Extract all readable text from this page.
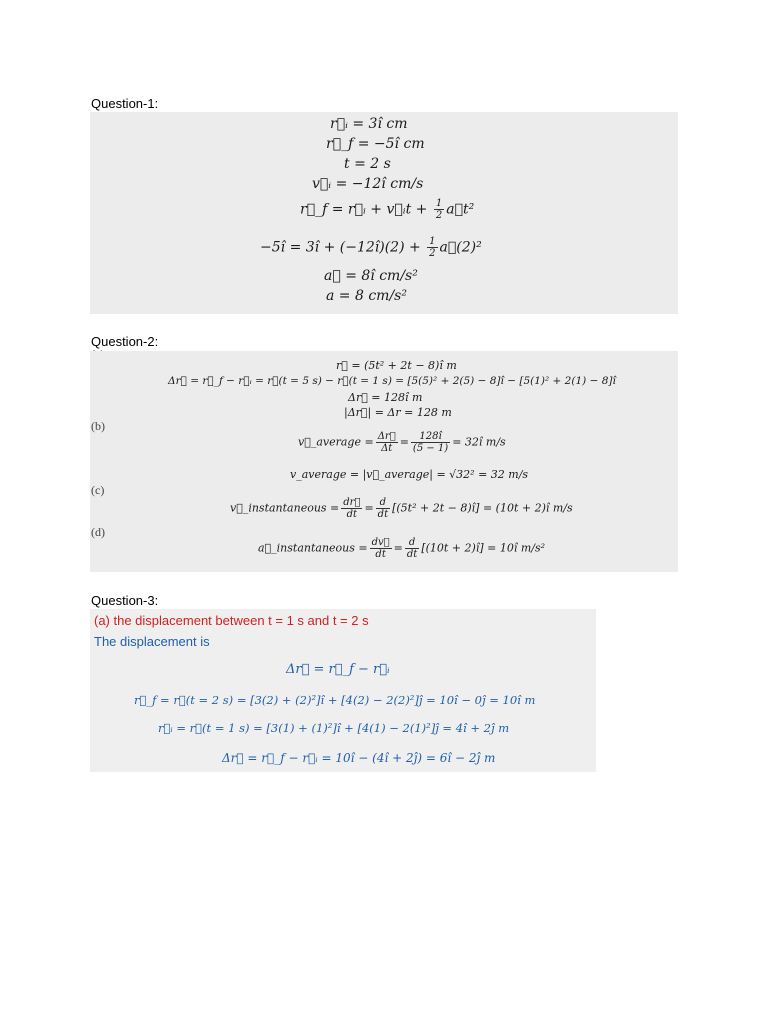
Question-1:
r⃗ᵢ = 3î cm
r⃗_f = −5î cm
t = 2 s
v⃗ᵢ = −12î cm/s
r⃗_f = r⃗ᵢ + v⃗ᵢt + $\frac{1}{2}$ a⃗t²
−5î = 3î + (−12î)(2) + $\frac{1}{2}$ a⃗(2)²
a⃗ = 8î cm/s²
a = 8 cm/s²
Question-2:
r⃗ = (5t² + 2t − 8)î m
Δr⃗ = r⃗_f − r⃗ᵢ = r⃗(t = 5 s) − r⃗(t = 1 s) = [5(5)² + 2(5) − 8]î − [5(1)² + 2(1) − 8]î
Δr⃗ = 128î m
|Δr⃗| = Δr = 128 m
(b)
v⃗_average = $\frac{\Delta r⃗}{\Delta t} = \frac{128î}{(5 - 1)}$ = 32î m/s
v_average = |v⃗_average| = √32² = 32 m/s
(c)
v⃗_instantaneous = $\frac{dr⃗}{dt} = \frac{d}{dt} [(5t^2 + 2t$ − 8)î] = (10t + 2)î m/s
(d)
a⃗_instantaneous = $\frac{dv⃗}{dt} = \frac{d}{dt} [(10t$ + 2)î] = 10î m/s²
Question-3:
(a) the displacement between t = 1 s and t = 2 s
The displacement is
Δr⃗ = r⃗_f − r⃗ᵢ
r⃗_f = r⃗(t = 2 s) = [3(2) + (2)²]î + [4(2) − 2(2)²]ĵ = 10î − 0ĵ = 10î m
r⃗ᵢ = r⃗(t = 1 s) = [3(1) + (1)²]î + [4(1) − 2(1)²]ĵ = 4î + 2ĵ m
Δr⃗ = r⃗_f − r⃗ᵢ = 10î − (4î + 2ĵ) = 6î − 2ĵ m
